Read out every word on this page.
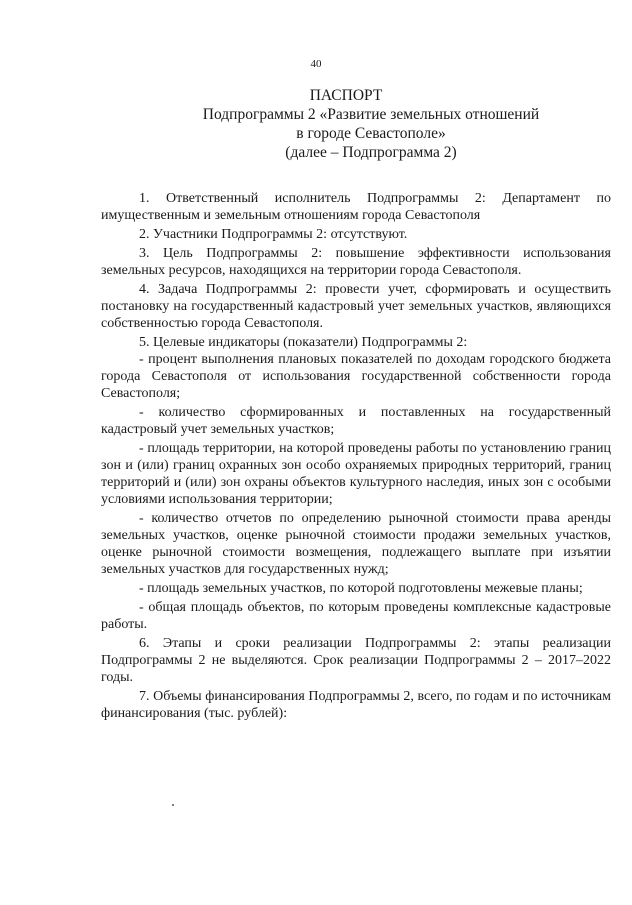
40
ПАСПОРТ
Подпрограммы 2 «Развитие земельных отношений
в городе Севастополе»
(далее – Подпрограмма 2)

1. Ответственный исполнитель Подпрограммы 2: Департамент по имущественным и земельным отношениям города Севастополя

2. Участники Подпрограммы 2: отсутствуют.

3. Цель Подпрограммы 2: повышение эффективности использования земельных ресурсов, находящихся на территории города Севастополя.

4. Задача Подпрограммы 2: провести учет, сформировать и осуществить постановку на государственный кадастровый учет земельных участков, являющихся собственностью города Севастополя.

5. Целевые индикаторы (показатели) Подпрограммы 2:

- процент выполнения плановых показателей по доходам городского бюджета города Севастополя от использования государственной собственности города Севастополя;

- количество сформированных и поставленных на государственный кадастровый учет земельных участков;

- площадь территории, на которой проведены работы по установлению границ зон и (или) границ охранных зон особо охраняемых природных территорий, границ территорий и (или) зон охраны объектов культурного наследия, иных зон с особыми условиями использования территории;

- количество отчетов по определению рыночной стоимости права аренды земельных участков, оценке рыночной стоимости продажи земельных участков, оценке рыночной стоимости возмещения, подлежащего выплате при изъятии земельных участков для государственных нужд;

- площадь земельных участков, по которой подготовлены межевые планы;

- общая площадь объектов, по которым проведены комплексные кадастровые работы.

6. Этапы и сроки реализации Подпрограммы 2: этапы реализации Подпрограммы 2 не выделяются. Срок реализации Подпрограммы 2 – 2017–2022 годы.

7. Объемы финансирования Подпрограммы 2, всего, по годам и по источникам финансирования (тыс. рублей):
